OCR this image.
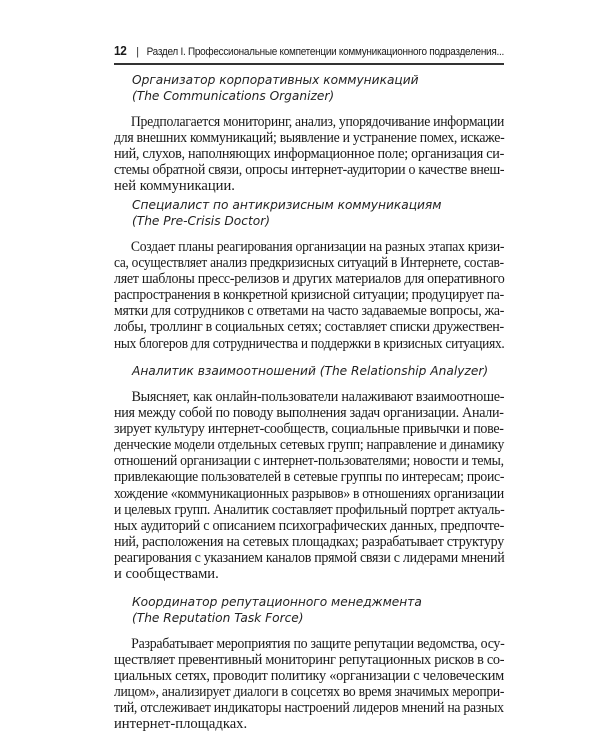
12 | Раздел I. Профессиональные компетенции коммуникационного подразделения...
Организатор корпоративных коммуникаций
(The Communications Organizer)
Предполагается мониторинг, анализ, упорядочивание информации
для внешних коммуникаций; выявление и устранение помех, искаже-
ний, слухов, наполняющих информационное поле; организация си-
стемы обратной связи, опросы интернет-аудитории о качестве внеш-
ней коммуникации.
Специалист по антикризисным коммуникациям
(The Pre-Crisis Doctor)
Создает планы реагирования организации на разных этапах кризи-
са, осуществляет анализ предкризисных ситуаций в Интернете, состав-
ляет шаблоны пресс-релизов и других материалов для оперативного
распространения в конкретной кризисной ситуации; продуцирует па-
мятки для сотрудников с ответами на часто задаваемые вопросы, жа-
лобы, троллинг в социальных сетях; составляет списки дружествен-
ных блогеров для сотрудничества и поддержки в кризисных ситуациях.
Аналитик взаимоотношений (The Relationship Analyzer)
Выясняет, как онлайн-пользователи налаживают взаимоотноше-
ния между собой по поводу выполнения задач организации. Анали-
зирует культуру интернет-сообществ, социальные привычки и пове-
денческие модели отдельных сетевых групп; направление и динамику
отношений организации с интернет-пользователями; новости и темы,
привлекающие пользователей в сетевые группы по интересам; проис-
хождение «коммуникационных разрывов» в отношениях организации
и целевых групп. Аналитик составляет профильный портрет актуаль-
ных аудиторий с описанием психографических данных, предпочте-
ний, расположения на сетевых площадках; разрабатывает структуру
реагирования с указанием каналов прямой связи с лидерами мнений
и сообществами.
Координатор репутационного менеджмента
(The Reputation Task Force)
Разрабатывает мероприятия по защите репутации ведомства, осу-
ществляет превентивный мониторинг репутационных рисков в со-
циальных сетях, проводит политику «организации с человеческим
лицом», анализирует диалоги в соцсетях во время значимых меропри-
тий, отслеживает индикаторы настроений лидеров мнений на разных
интернет-площадках.
